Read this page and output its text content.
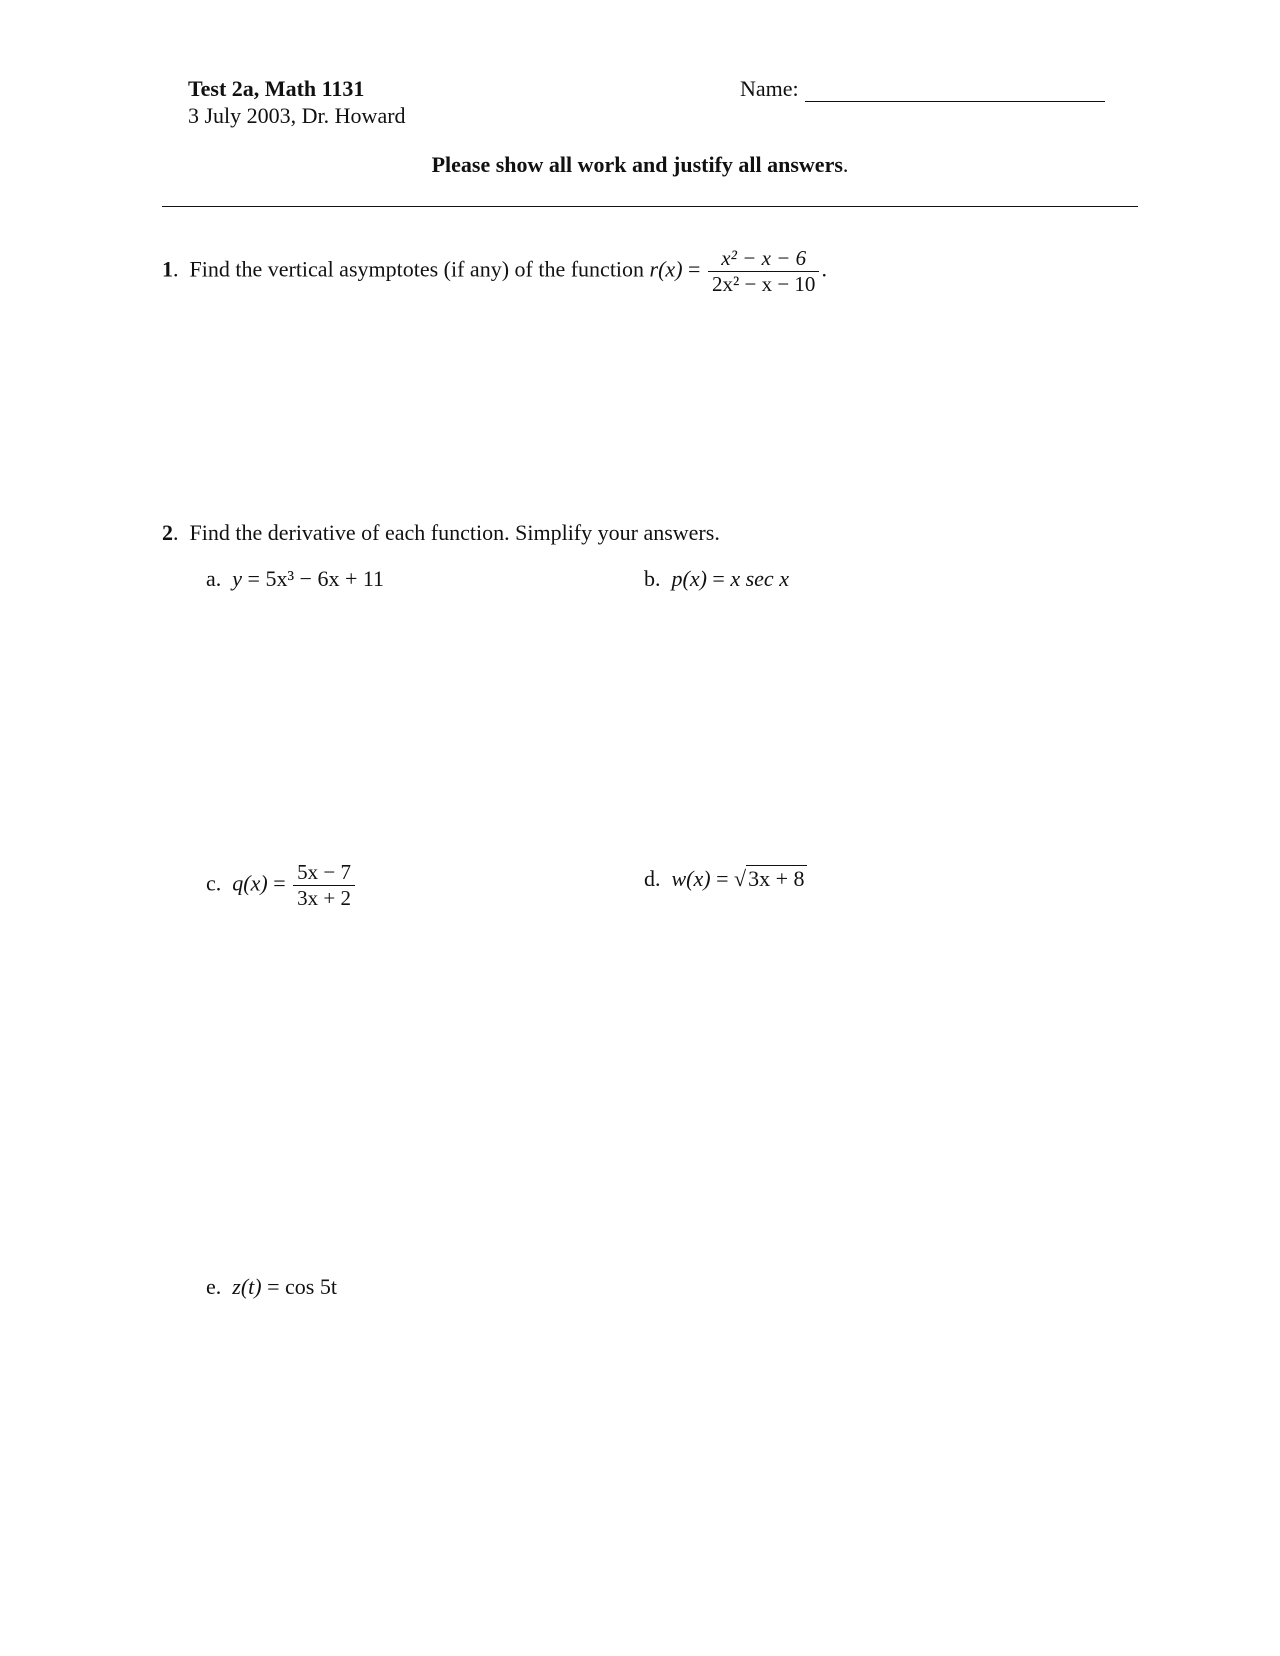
Test 2a, Math 1131
3 July 2003, Dr. Howard
Name:
Please show all work and justify all answers.
1.  Find the vertical asymptotes (if any) of the function $r(x) = \frac{\text{x² − x − 6}}{\text{2x² − x − 10}}$ .
2.  Find the derivative of each function. Simplify your answers.
a. y = 5x³ − 6x + 11	b. p(x) = x sec x
c. $q(x) = \frac{5x - 7}{3x + 2}$	d. w(x) = √3x + 8
e. z(t) = cos 5t
